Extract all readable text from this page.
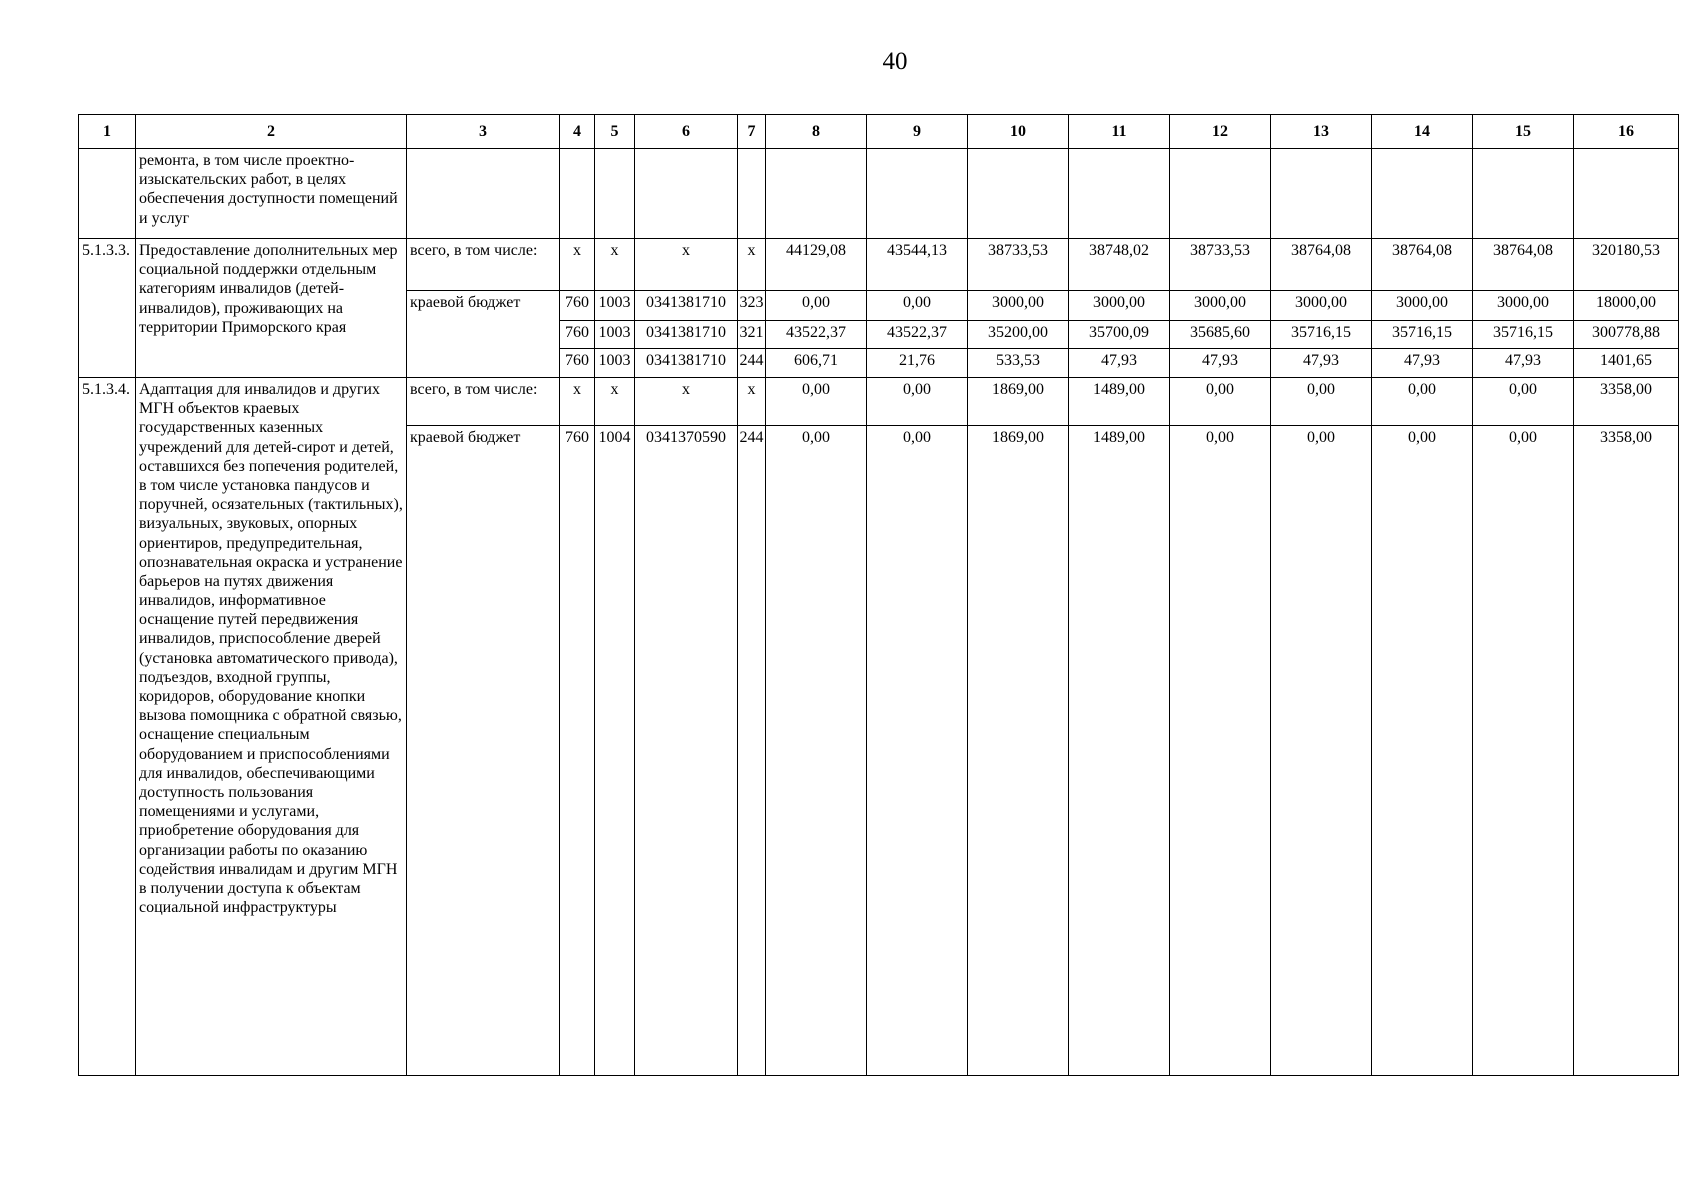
40
1	2	3	4	5	6	7	8	9	10	11	12	13	14	15	16
	ремонта, в том числе проектно-изыскательских работ, в целях обеспечения доступности помещений и услуг														
5.1.3.3.	Предоставление дополнительных мер социальной поддержки отдельным категориям инвалидов (детей-инвалидов), проживающих на территории Приморского края	всего, в том числе:	x	x	x	x	44129,08	43544,13	38733,53	38748,02	38733,53	38764,08	38764,08	38764,08	320180,53
		краевой бюджет	760	1003	0341381710	323	0,00	0,00	3000,00	3000,00	3000,00	3000,00	3000,00	3000,00	18000,00
			760	1003	0341381710	321	43522,37	43522,37	35200,00	35700,09	35685,60	35716,15	35716,15	35716,15	300778,88
			760	1003	0341381710	244	606,71	21,76	533,53	47,93	47,93	47,93	47,93	47,93	1401,65
5.1.3.4.	Адаптация для инвалидов и других МГН объектов краевых государственных казенных учреждений для детей-сирот и детей, оставшихся без попечения родителей, в том числе установка пандусов и поручней, осязательных (тактильных), визуальных, звуковых, опорных ориентиров, предупредительная, опознавательная окраска и устранение барьеров на путях движения инвалидов, информативное оснащение путей передвижения инвалидов, приспособление дверей (установка автоматического привода), подъездов, входной группы, коридоров, оборудование кнопки вызова помощника с обратной связью, оснащение специальным оборудованием и приспособлениями для инвалидов, обеспечивающими доступность пользования помещениями и услугами, приобретение оборудования для организации работы по оказанию содействия инвалидам и другим МГН в получении доступа к объектам социальной инфраструктуры	всего, в том числе:	x	x	x	x	0,00	0,00	1869,00	1489,00	0,00	0,00	0,00	0,00	3358,00
		краевой бюджет	760	1004	0341370590	244	0,00	0,00	1869,00	1489,00	0,00	0,00	0,00	0,00	3358,00
